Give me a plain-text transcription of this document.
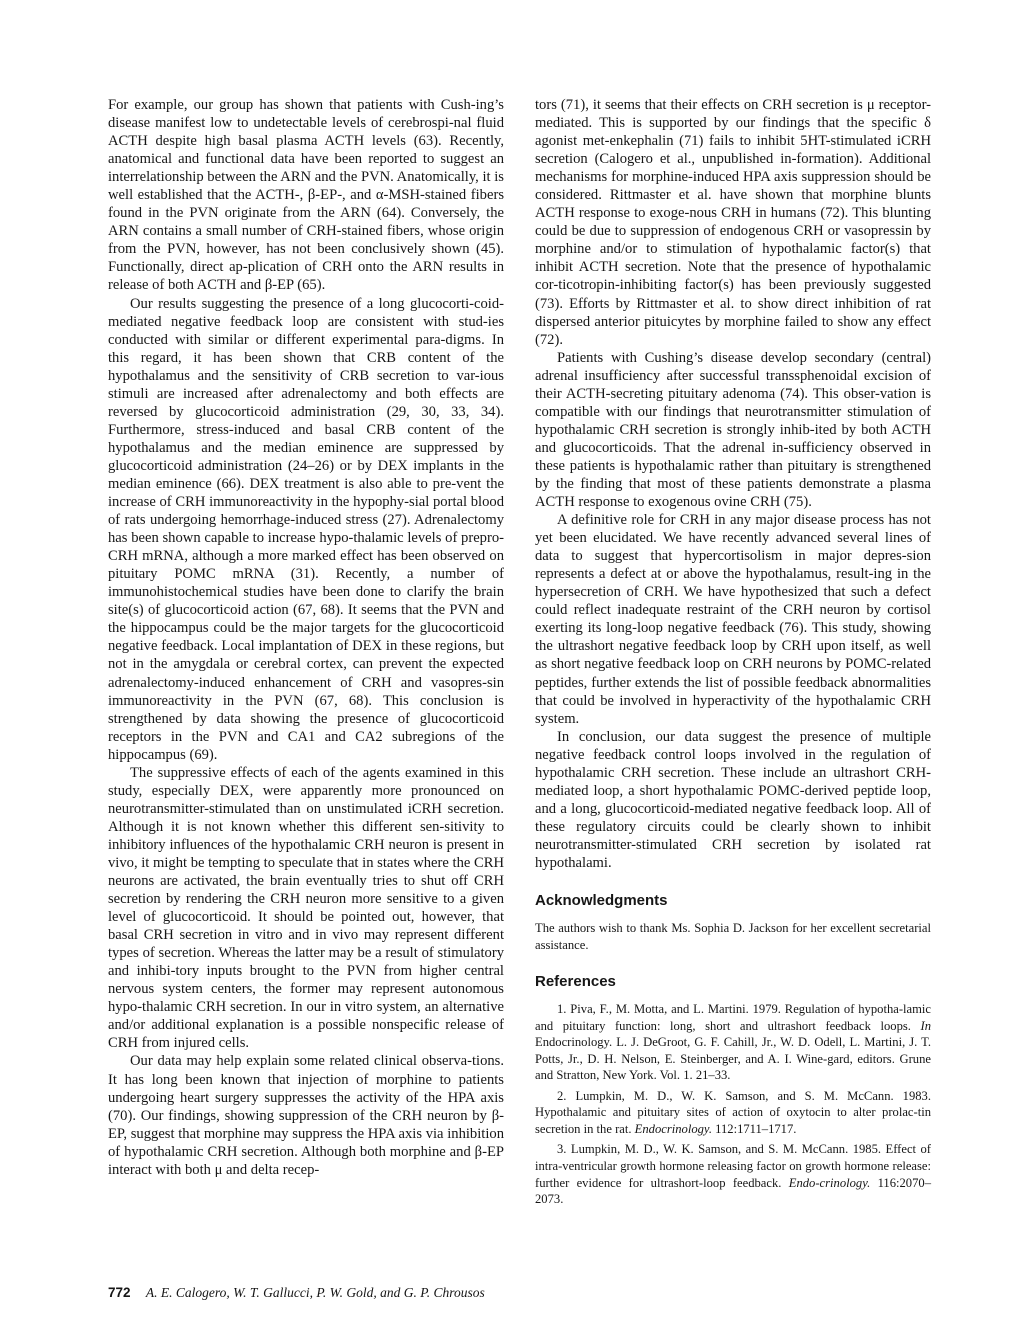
For example, our group has shown that patients with Cush-ing’s disease manifest low to undetectable levels of cerebrospi-nal fluid ACTH despite high basal plasma ACTH levels (63). Recently, anatomical and functional data have been reported to suggest an interrelationship between the ARN and the PVN. Anatomically, it is well established that the ACTH-, β-EP-, and α-MSH-stained fibers found in the PVN originate from the ARN (64). Conversely, the ARN contains a small number of CRH-stained fibers, whose origin from the PVN, however, has not been conclusively shown (45). Functionally, direct ap-plication of CRH onto the ARN results in release of both ACTH and β-EP (65).

Our results suggesting the presence of a long glucocorti-coid-mediated negative feedback loop are consistent with stud-ies conducted with similar or different experimental para-digms. In this regard, it has been shown that CRB content of the hypothalamus and the sensitivity of CRB secretion to var-ious stimuli are increased after adrenalectomy and both effects are reversed by glucocorticoid administration (29, 30, 33, 34). Furthermore, stress-induced and basal CRB content of the hypothalamus and the median eminence are suppressed by glucocorticoid administration (24–26) or by DEX implants in the median eminence (66). DEX treatment is also able to pre-vent the increase of CRH immunoreactivity in the hypophy-sial portal blood of rats undergoing hemorrhage-induced stress (27). Adrenalectomy has been shown capable to increase hypo-thalamic levels of prepro-CRH mRNA, although a more marked effect has been observed on pituitary POMC mRNA (31). Recently, a number of immunohistochemical studies have been done to clarify the brain site(s) of glucocorticoid action (67, 68). It seems that the PVN and the hippocampus could be the major targets for the glucocorticoid negative feedback. Local implantation of DEX in these regions, but not in the amygdala or cerebral cortex, can prevent the expected adrenalectomy-induced enhancement of CRH and vasopres-sin immunoreactivity in the PVN (67, 68). This conclusion is strengthened by data showing the presence of glucocorticoid receptors in the PVN and CA1 and CA2 subregions of the hippocampus (69).

The suppressive effects of each of the agents examined in this study, especially DEX, were apparently more pronounced on neurotransmitter-stimulated than on unstimulated iCRH secretion. Although it is not known whether this different sen-sitivity to inhibitory influences of the hypothalamic CRH neuron is present in vivo, it might be tempting to speculate that in states where the CRH neurons are activated, the brain eventually tries to shut off CRH secretion by rendering the CRH neuron more sensitive to a given level of glucocorticoid. It should be pointed out, however, that basal CRH secretion in vitro and in vivo may represent different types of secretion. Whereas the latter may be a result of stimulatory and inhibi-tory inputs brought to the PVN from higher central nervous system centers, the former may represent autonomous hypo-thalamic CRH secretion. In our in vitro system, an alternative and/or additional explanation is a possible nonspecific release of CRH from injured cells.

Our data may help explain some related clinical observa-tions. It has long been known that injection of morphine to patients undergoing heart surgery suppresses the activity of the HPA axis (70). Our findings, showing suppression of the CRH neuron by β-EP, suggest that morphine may suppress the HPA axis via inhibition of hypothalamic CRH secretion. Although both morphine and β-EP interact with both μ and delta recep-

tors (71), it seems that their effects on CRH secretion is μ receptor-mediated. This is supported by our findings that the specific δ agonist met-enkephalin (71) fails to inhibit 5HT-stimulated iCRH secretion (Calogero et al., unpublished in-formation). Additional mechanisms for morphine-induced HPA axis suppression should be considered. Rittmaster et al. have shown that morphine blunts ACTH response to exoge-nous CRH in humans (72). This blunting could be due to suppression of endogenous CRH or vasopressin by morphine and/or to stimulation of hypothalamic factor(s) that inhibit ACTH secretion. Note that the presence of hypothalamic cor-ticotropin-inhibiting factor(s) has been previously suggested (73). Efforts by Rittmaster et al. to show direct inhibition of rat dispersed anterior pituicytes by morphine failed to show any effect (72).

Patients with Cushing’s disease develop secondary (central) adrenal insufficiency after successful transsphenoidal excision of their ACTH-secreting pituitary adenoma (74). This obser-vation is compatible with our findings that neurotransmitter stimulation of hypothalamic CRH secretion is strongly inhib-ited by both ACTH and glucocorticoids. That the adrenal in-sufficiency observed in these patients is hypothalamic rather than pituitary is strengthened by the finding that most of these patients demonstrate a plasma ACTH response to exogenous ovine CRH (75).

A definitive role for CRH in any major disease process has not yet been elucidated. We have recently advanced several lines of data to suggest that hypercortisolism in major depres-sion represents a defect at or above the hypothalamus, result-ing in the hypersecretion of CRH. We have hypothesized that such a defect could reflect inadequate restraint of the CRH neuron by cortisol exerting its long-loop negative feedback (76). This study, showing the ultrashort negative feedback loop by CRH upon itself, as well as short negative feedback loop on CRH neurons by POMC-related peptides, further extends the list of possible feedback abnormalities that could be involved in hyperactivity of the hypothalamic CRH system.

In conclusion, our data suggest the presence of multiple negative feedback control loops involved in the regulation of hypothalamic CRH secretion. These include an ultrashort CRH-mediated loop, a short hypothalamic POMC-derived peptide loop, and a long, glucocorticoid-mediated negative feedback loop. All of these regulatory circuits could be clearly shown to inhibit neurotransmitter-stimulated CRH secretion by isolated rat hypothalami.

Acknowledgments

The authors wish to thank Ms. Sophia D. Jackson for her excellent secretarial assistance.

References
1. Piva, F., M. Motta, and L. Martini. 1979. Regulation of hypotha-lamic and pituitary function: long, short and ultrashort feedback loops. In Endocrinology. L. J. DeGroot, G. F. Cahill, Jr., W. D. Odell, L. Martini, J. T. Potts, Jr., D. H. Nelson, E. Steinberger, and A. I. Wine-gard, editors. Grune and Stratton, New York. Vol. 1. 21–33.
2. Lumpkin, M. D., W. K. Samson, and S. M. McCann. 1983. Hypothalamic and pituitary sites of action of oxytocin to alter prolac-tin secretion in the rat. Endocrinology. 112:1711–1717.
3. Lumpkin, M. D., W. K. Samson, and S. M. McCann. 1985. Effect of intra-ventricular growth hormone releasing factor on growth hormone release: further evidence for ultrashort-loop feedback. Endo-crinology. 116:2070–2073.
772 A. E. Calogero, W. T. Gallucci, P. W. Gold, and G. P. Chrousos
